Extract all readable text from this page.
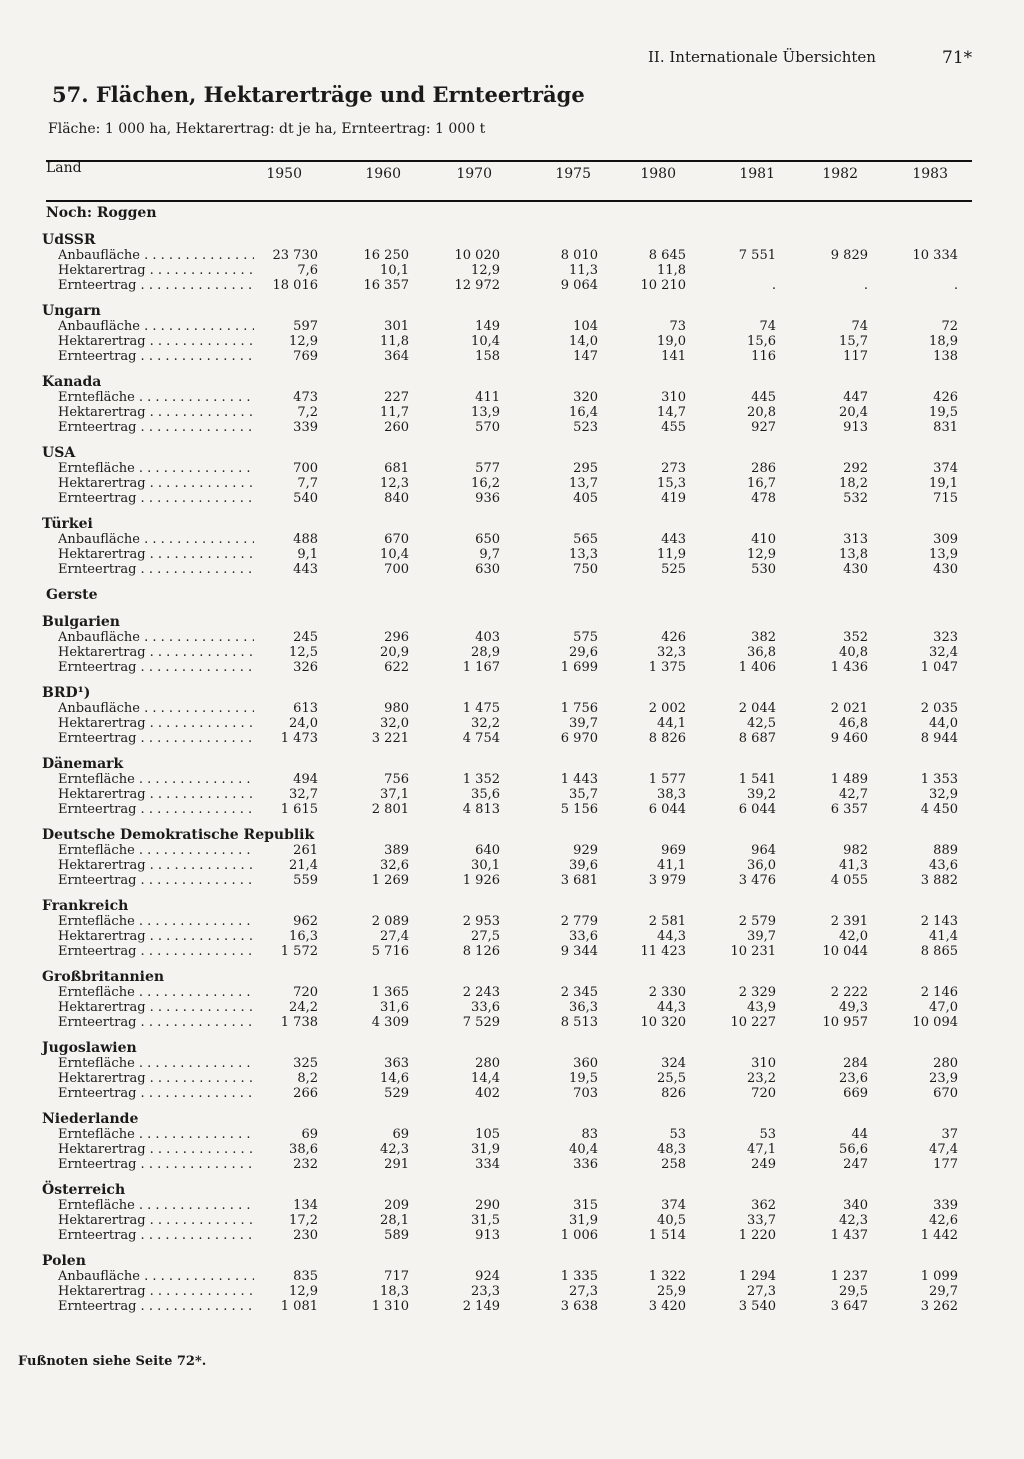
II. Internationale Übersichten	71*
57. Flächen, Hektarerträge und Ernteerträge
Fläche: 1 000 ha, Hektarertrag: dt je ha, Ernteertrag: 1 000 t
Land	1950	1960	1970	1975	1980	1981	1982	1983
Noch: Roggen
UdSSR
Anbaufläche . . .	23 730	16 250	10 020	8 010	8 645	7 551	9 829	10 334
Hektarertrag . . .	7,6	10,1	12,9	11,3	11,8
Ernteertrag . . .	18 016	16 357	12 972	9 064	10 210	.	.	.
Ungarn
Anbaufläche . . .	597	301	149	104	73	74	74	72
Hektarertrag . . .	12,9	11,8	10,4	14,0	19,0	15,6	15,7	18,9
Ernteertrag . . .	769	364	158	147	141	116	117	138
Kanada
Erntefläche . . .	473	227	411	320	310	445	447	426
Hektarertrag . . .	7,2	11,7	13,9	16,4	14,7	20,8	20,4	19,5
Ernteertrag . . .	339	260	570	523	455	927	913	831
USA
Erntefläche . . .	700	681	577	295	273	286	292	374
Hektarertrag . . .	7,7	12,3	16,2	13,7	15,3	16,7	18,2	19,1
Ernteertrag . . .	540	840	936	405	419	478	532	715
Türkei
Anbaufläche . . .	488	670	650	565	443	410	313	309
Hektarertrag . . .	9,1	10,4	9,7	13,3	11,9	12,9	13,8	13,9
Ernteertrag . . .	443	700	630	750	525	530	430	430
Gerste
Bulgarien
Anbaufläche . . .	245	296	403	575	426	382	352	323
Hektarertrag . . .	12,5	20,9	28,9	29,6	32,3	36,8	40,8	32,4
Ernteertrag . . .	326	622	1 167	1 699	1 375	1 406	1 436	1 047
BRD¹)
Anbaufläche . . .	613	980	1 475	1 756	2 002	2 044	2 021	2 035
Hektarertrag . . .	24,0	32,0	32,2	39,7	44,1	42,5	46,8	44,0
Ernteertrag . . .	1 473	3 221	4 754	6 970	8 826	8 687	9 460	8 944
Dänemark
Erntefläche . . .	494	756	1 352	1 443	1 577	1 541	1 489	1 353
Hektarertrag . . .	32,7	37,1	35,6	35,7	38,3	39,2	42,7	32,9
Ernteertrag . . .	1 615	2 801	4 813	5 156	6 044	6 044	6 357	4 450
Deutsche Demokratische Republik
Erntefläche . . .	261	389	640	929	969	964	982	889
Hektarertrag . . .	21,4	32,6	30,1	39,6	41,1	36,0	41,3	43,6
Ernteertrag . . .	559	1 269	1 926	3 681	3 979	3 476	4 055	3 882
Frankreich
Erntefläche . . .	962	2 089	2 953	2 779	2 581	2 579	2 391	2 143
Hektarertrag . . .	16,3	27,4	27,5	33,6	44,3	39,7	42,0	41,4
Ernteertrag . . .	1 572	5 716	8 126	9 344	11 423	10 231	10 044	8 865
Großbritannien
Erntefläche . . .	720	1 365	2 243	2 345	2 330	2 329	2 222	2 146
Hektarertrag . . .	24,2	31,6	33,6	36,3	44,3	43,9	49,3	47,0
Ernteertrag . . .	1 738	4 309	7 529	8 513	10 320	10 227	10 957	10 094
Jugoslawien
Erntefläche . . .	325	363	280	360	324	310	284	280
Hektarertrag . . .	8,2	14,6	14,4	19,5	25,5	23,2	23,6	23,9
Ernteertrag . . .	266	529	402	703	826	720	669	670
Niederlande
Erntefläche . . .	69	69	105	83	53	53	44	37
Hektarertrag . . .	38,6	42,3	31,9	40,4	48,3	47,1	56,6	47,4
Ernteertrag . . .	232	291	334	336	258	249	247	177
Österreich
Erntefläche . . .	134	209	290	315	374	362	340	339
Hektarertrag . . .	17,2	28,1	31,5	31,9	40,5	33,7	42,3	42,6
Ernteertrag . . .	230	589	913	1 006	1 514	1 220	1 437	1 442
Polen
Anbaufläche . . .	835	717	924	1 335	1 322	1 294	1 237	1 099
Hektarertrag . . .	12,9	18,3	23,3	27,3	25,9	27,3	29,5	29,7
Ernteertrag . . .	1 081	1 310	2 149	3 638	3 420	3 540	3 647	3 262
Fußnoten siehe Seite 72*.
